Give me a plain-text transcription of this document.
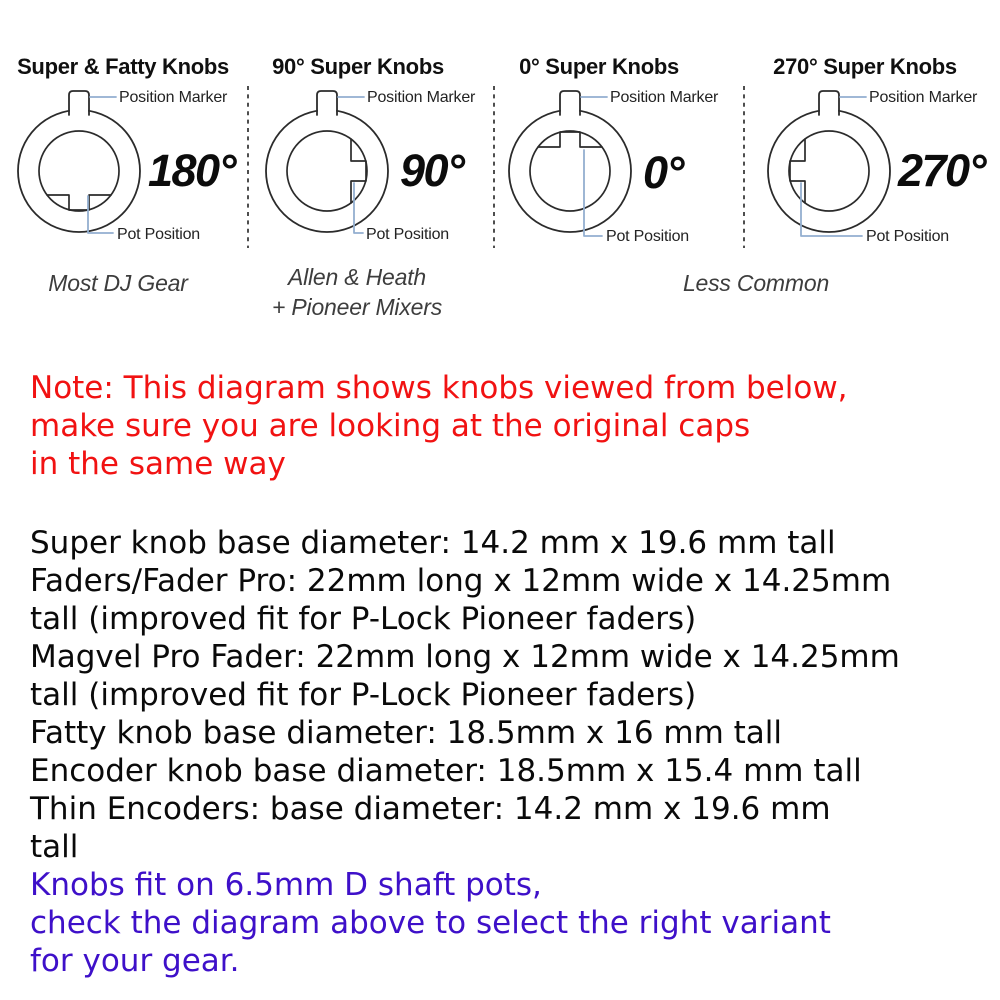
Super & Fatty Knobs	90° Super Knobs	0° Super Knobs	270° Super Knobs
Position Marker	Position Marker	Position Marker	Position Marker
Pot Position	Pot Position	Pot Position	Pot Position
180°	90°	0°	270°
Most DJ Gear	Allen & Heath
+ Pioneer Mixers
Less Common
Note: This diagram shows knobs viewed from below,
make sure you are looking at the original caps
in the same way
Super knob base diameter: 14.2 mm x 19.6 mm tall
Faders/Fader Pro: 22mm long x 12mm wide x 14.25mm
tall (improved fit for P-Lock Pioneer faders)
Magvel Pro Fader: 22mm long x 12mm wide x 14.25mm
tall (improved fit for P-Lock Pioneer faders)
Fatty knob base diameter: 18.5mm x 16 mm tall
Encoder knob base diameter: 18.5mm x 15.4 mm tall
Thin Encoders: base diameter: 14.2 mm x 19.6 mm
tall
Knobs fit on 6.5mm D shaft pots,
check the diagram above to select the right variant
for your gear.
